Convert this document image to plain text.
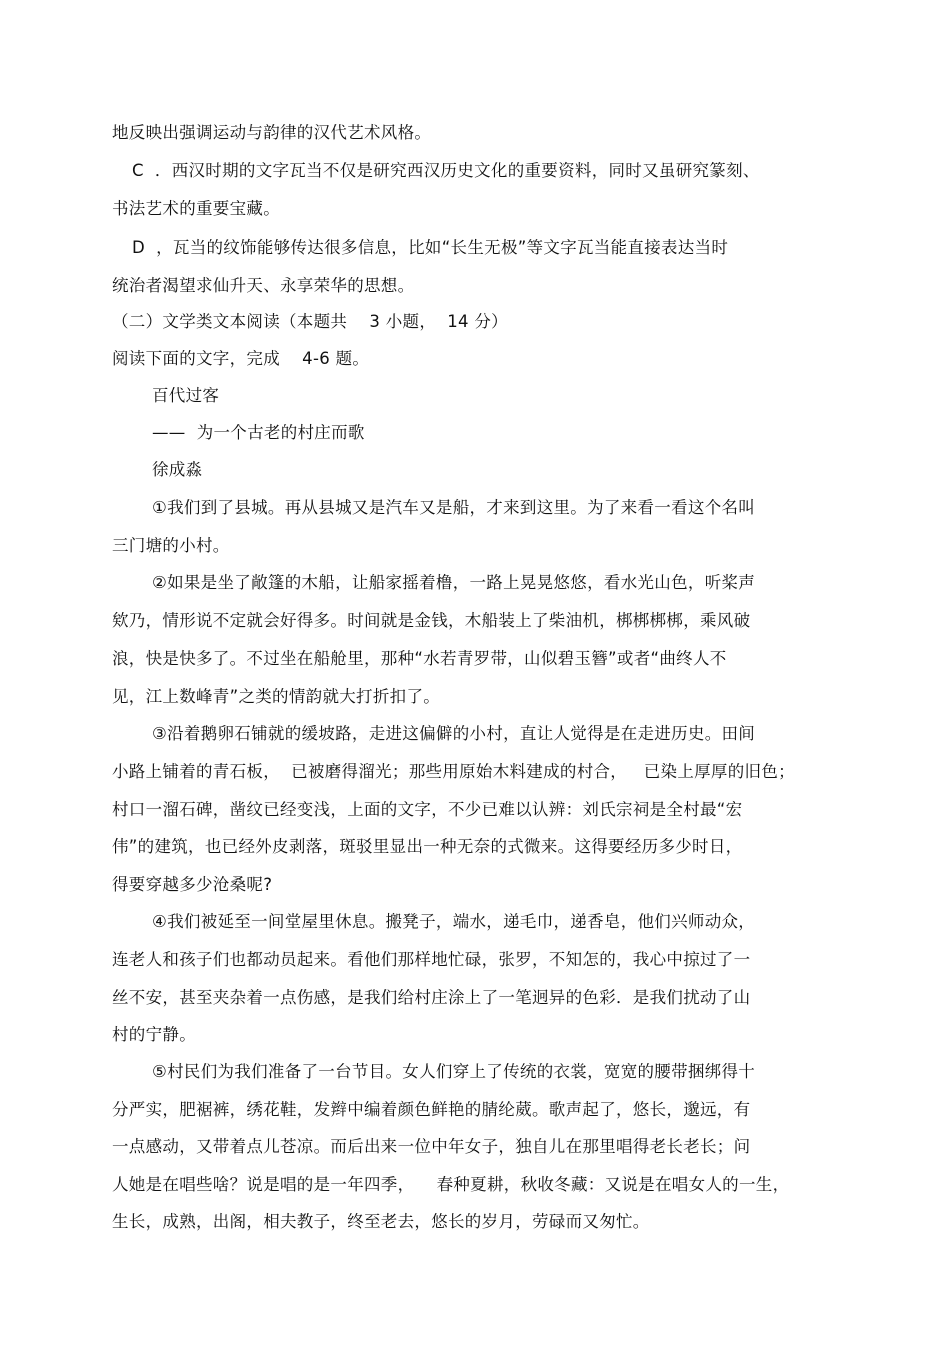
地反映出强调运动与韵律的汉代艺术风格。
C  ．西汉时期的文字瓦当不仅是研究西汉历史文化的重要资料，同时又虽研究篆刻、
书法艺术的重要宝藏。
D  ，瓦当的纹饰能够传达很多信息，比如“长生无极”等文字瓦当能直接表达当时
统治者渴望求仙升天、永享荣华的思想。
（二）文学类文本阅读（本题共    3 小题，  14 分）
阅读下面的文字，完成    4-6 题。
百代过客
——  为一个古老的村庄而歌
徐成淼
①我们到了县城。再从县城又是汽车又是船，才来到这里。为了来看一看这个名叫
三门塘的小村。
②如果是坐了敞篷的木船，让船家摇着橹，一路上晃晃悠悠，看水光山色，听桨声
欸乃，情形说不定就会好得多。时间就是金钱，木船装上了柴油机，梆梆梆梆，乘风破
浪，快是快多了。不过坐在船舱里，那种“水若青罗带，山似碧玉簪”或者“曲终人不
见，江上数峰青”之类的情韵就大打折扣了。
③沿着鹅卵石铺就的缓坡路，走进这偏僻的小村，直让人觉得是在走进历史。田间
小路上铺着的青石板，  已被磨得溜光；那些用原始木料建成的村合，   已染上厚厚的旧色；
村口一溜石碑，凿纹已经变浅，上面的文字，不少已难以认辨：刘氏宗祠是全村最“宏
伟”的建筑，也已经外皮剥落，斑驳里显出一种无奈的式微来。这得要经历多少时日，
得要穿越多少沧桑呢?
④我们被延至一间堂屋里休息。搬凳子，端水，递毛巾，递香皂，他们兴师动众，
连老人和孩子们也都动员起来。看他们那样地忙碌，张罗，不知怎的，我心中掠过了一
丝不安，甚至夹杂着一点伤感，是我们给村庄涂上了一笔迥异的色彩．是我们扰动了山
村的宁静。
⑤村民们为我们准备了一台节目。女人们穿上了传统的衣裳，宽宽的腰带捆绑得十
分严实，肥裾裤，绣花鞋，发辫中编着颜色鲜艳的腈纶葳。歌声起了，悠长，邈远，有
一点感动，又带着点儿苍凉。而后出来一位中年女子，独自儿在那里唱得老长老长；问
人她是在唱些啥？说是唱的是一年四季，    春种夏耕，秋收冬藏：又说是在唱女人的一生，
生长，成熟，出阁，相夫教子，终至老去，悠长的岁月，劳碌而又匆忙。
